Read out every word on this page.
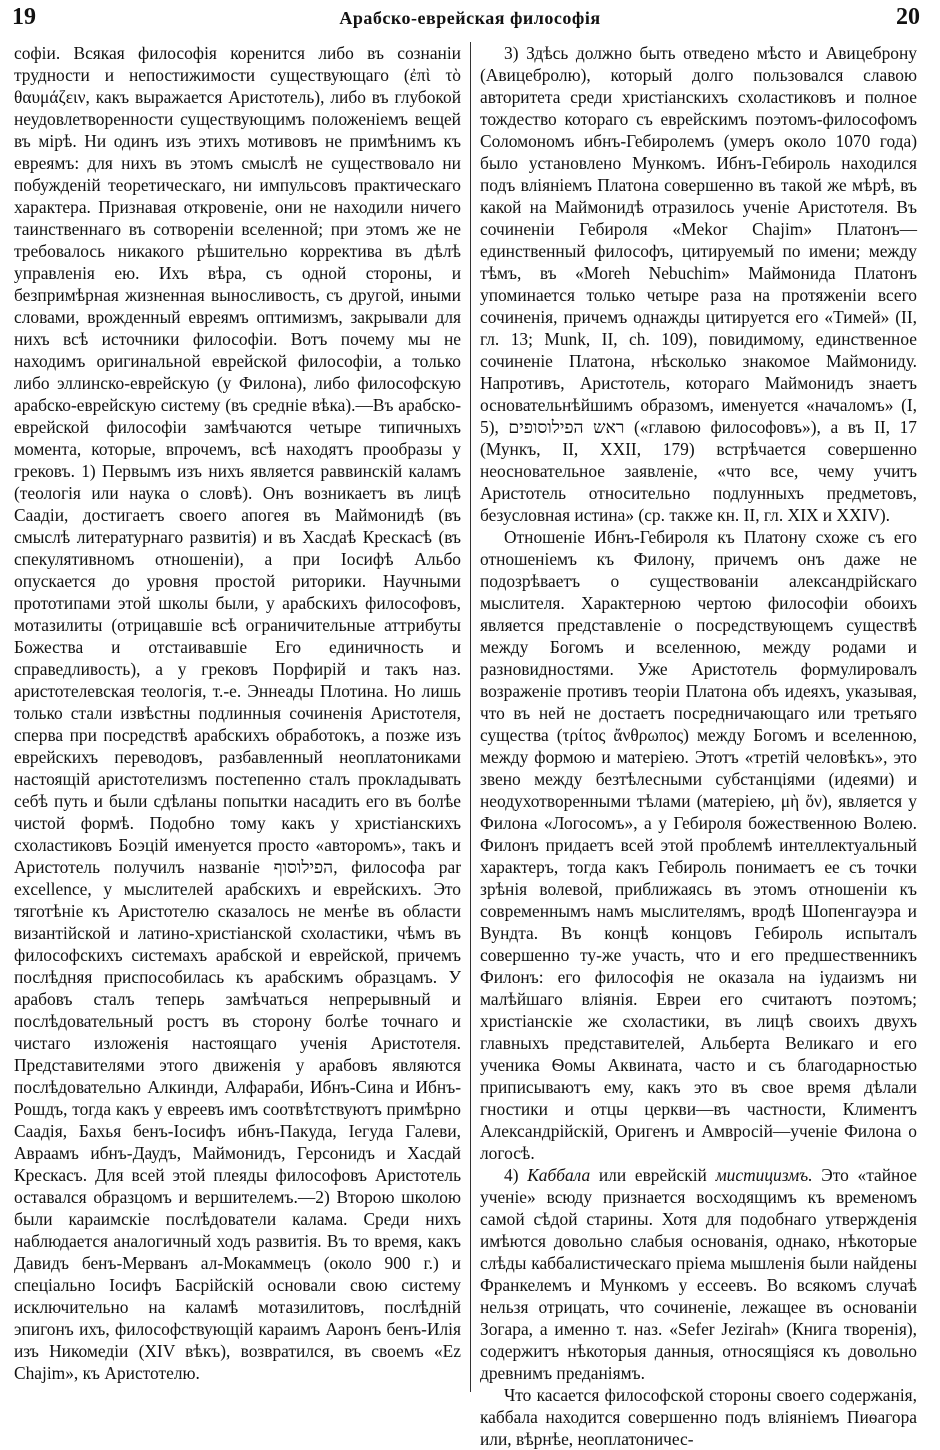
19	Арабско-еврейская философія	20

софіи. Всякая философія коренится либо въ сознаніи трудности и непостижимости существующаго (ἐπὶ τὸ θαυμάζειν, какъ выражается Аристотель), либо въ глубокой неудовлетворенности существующимъ положеніемъ вещей въ мірѣ. Ни одинъ изъ этихъ мотивовъ не примѣнимъ къ евреямъ: для нихъ въ этомъ смыслѣ не существовало ни побужденій теоретическаго, ни импульсовъ практическаго характера. Признавая откровеніе, они не находили ничего таинственнаго въ сотвореніи вселенной; при этомъ же не требовалось никакого рѣшительно корректива въ дѣлѣ управленія ею. Ихъ вѣра, съ одной стороны, и безпримѣрная жизненная выносливость, съ другой, иными словами, врожденный евреямъ оптимизмъ, закрывали для нихъ всѣ источники философіи. Вотъ почему мы не находимъ оригинальной еврейской философіи, а только либо эллинско-еврейскую (у Филона), либо философскую арабско-еврейскую систему (въ средніе вѣка).—Въ арабско-еврейской философіи замѣчаются четыре типичныхъ момента, которые, впрочемъ, всѣ находятъ прообразы у грековъ. 1) Первымъ изъ нихъ является раввинскій каламъ (теологія или наука о словѣ). Онъ возникаетъ въ лицѣ Саадіи, достигаетъ своего апогея въ Маймонидѣ (въ смыслѣ литературнаго развитія) и въ Хасдаѣ Крескасѣ (въ спекулятивномъ отношеніи), а при Іосифѣ Альбо опускается до уровня простой риторики. Научными прототипами этой школы были, у арабскихъ философовъ, мотазилиты (отрицавшіе всѣ ограничительные аттрибуты Божества и отстаивавшіе Его единичность и справедливость), а у грековъ Порфирій и такъ наз. аристотелевская теологія, т.-е. Эннеады Плотина. Но лишь только стали извѣстны подлинныя сочиненія Аристотеля, сперва при посредствѣ арабскихъ обработокъ, а позже изъ еврейскихъ переводовъ, разбавленный неоплатониками настоящій аристотелизмъ постепенно сталъ прокладывать себѣ путь и были сдѣланы попытки насадить его въ болѣе чистой формѣ. Подобно тому какъ у христіанскихъ схоластиковъ Боэцій именуется просто «авторомъ», такъ и Аристотель получилъ названіе הפילוסוף, философа par excellence, у мыслителей арабскихъ и еврейскихъ. Это тяготѣніе къ Аристотелю сказалось не менѣе въ области византійской и латино-христіанской схоластики, чѣмъ въ философскихъ системахъ арабской и еврейской, причемъ послѣдняя приспособилась къ арабскимъ образцамъ. У арабовъ сталъ теперь замѣчаться непрерывный и послѣдовательный ростъ въ сторону болѣе точнаго и чистаго изложенія настоящаго ученія Аристотеля. Представителями этого движенія у арабовъ являются послѣдовательно Алкинди, Алфараби, Ибнъ-Сина и Ибнъ-Рошдъ, тогда какъ у евреевъ имъ соотвѣтствуютъ примѣрно Саадія, Бахья бенъ-Іосифъ ибнъ-Пакуда, Іегуда Галеви, Авраамъ ибнъ-Даудъ, Маймонидъ, Герсонидъ и Хасдай Крескасъ. Для всей этой плеяды философовъ Аристотель оставался образцомъ и вершителемъ.—2) Второю школою были караимскіе послѣдователи калама. Среди нихъ наблюдается аналогичный ходъ развитія. Въ то время, какъ Давидъ бенъ-Мерванъ ал-Мокаммецъ (около 900 г.) и спеціально Іосифъ Басрійскій основали свою систему исключительно на каламѣ мотазилитовъ, послѣдній эпигонъ ихъ, философствующій караимъ Ааронъ бенъ-Илія изъ Никомедіи (XIV вѣкъ), возвратился, въ своемъ «Ez Chajim», къ Аристотелю.

3) Здѣсь должно быть отведено мѣсто и Авицеброну (Авицебролю), который долго пользовался славою авторитета среди христіанскихъ схоластиковъ и полное тождество котораго съ еврейскимъ поэтомъ-философомъ Соломономъ ибнъ-Гебиролемъ (умеръ около 1070 года) было установлено Мункомъ. Ибнъ-Гебироль находился подъ вліяніемъ Платона совершенно въ такой же мѣрѣ, въ какой на Маймонидѣ отразилось ученіе Аристотеля. Въ сочиненіи Гебироля «Mekor Chajim» Платонъ—единственный философъ, цитируемый по имени; между тѣмъ, въ «Moreh Nebuchim» Маймонида Платонъ упоминается только четыре раза на протяженіи всего сочиненія, причемъ однажды цитируется его «Тимей» (II, гл. 13; Munk, II, ch. 109), повидимому, единственное сочиненіе Платона, нѣсколько знакомое Маймониду. Напротивъ, Аристотель, котораго Маймонидъ знаетъ основательнѣйшимъ образомъ, именуется «началомъ» (I, 5), ראש הפילוסופים («главою философовъ»), а въ II, 17 (Мункъ, II, XXII, 179) встрѣчается совершенно неосновательное заявленіе, «что все, чему учитъ Аристотель относительно подлунныхъ предметовъ, безусловная истина» (ср. также кн. II, гл. XIX и XXIV).

Отношеніе Ибнъ-Гебироля къ Платону схоже съ его отношеніемъ къ Филону, причемъ онъ даже не подозрѣваетъ о существованіи александрійскаго мыслителя. Характерною чертою философіи обоихъ является представленіе о посредствующемъ существѣ между Богомъ и вселенною, между родами и разновидностями. Уже Аристотель формулировалъ возраженіе противъ теоріи Платона объ идеяхъ, указывая, что въ ней не достаетъ посредничающаго или третьяго существа (τρίτος ἄνθρωπος) между Богомъ и вселенною, между формою и матеріею. Этотъ «третій человѣкъ», это звено между безтѣлесными субстанціями (идеями) и неодухотворенными тѣлами (матеріею, μὴ ὄν), является у Филона «Логосомъ», а у Гебироля божественною Волею. Филонъ придаетъ всей этой проблемѣ интеллектуальный характеръ, тогда какъ Гебироль понимаетъ ее съ точки зрѣнія волевой, приближаясь въ этомъ отношеніи къ современнымъ намъ мыслителямъ, вродѣ Шопенгауэра и Вундта. Въ концѣ концовъ Гебироль испыталъ совершенно ту-же участь, что и его предшественникъ Филонъ: его философія не оказала на іудаизмъ ни малѣйшаго вліянія. Евреи его считаютъ поэтомъ; христіанскіе же схоластики, въ лицѣ своихъ двухъ главныхъ представителей, Альберта Великаго и его ученика Ѳомы Аквината, часто и съ благодарностью приписываютъ ему, какъ это въ свое время дѣлали гностики и отцы церкви—въ частности, Климентъ Александрійскій, Оригенъ и Амвросій—ученіе Филона о логосѣ.

4) Каббала или еврейскій мистицизмъ. Это «тайное ученіе» всюду признается восходящимъ къ временомъ самой сѣдой старины. Хотя для подобнаго утвержденія имѣются довольно слабыя основанія, однако, нѣкоторые слѣды каббалистическаго пріема мышленія были найдены Франкелемъ и Мункомъ у ессеевъ. Во всякомъ случаѣ нельзя отрицать, что сочиненіе, лежащее въ основаніи Зогара, а именно т. наз. «Sefer Jezirah» (Книга творенія), содержитъ нѣкоторыя данныя, относящіяся къ довольно древнимъ преданіямъ.

Что касается философской стороны своего содержанія, каббала находится совершенно подъ вліяніемъ Пиѳагора или, вѣрнѣе, неоплатоничес-
